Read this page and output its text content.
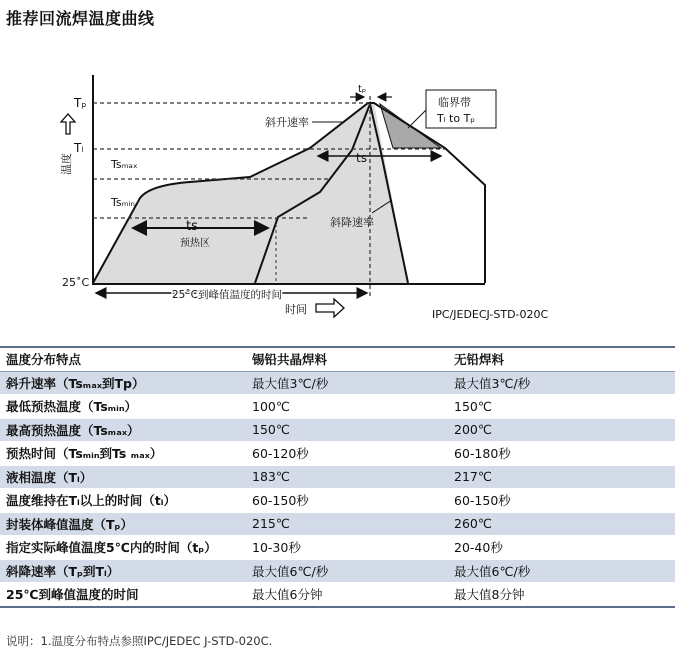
推荐回流焊温度曲线
Tₚ
Tₗ
Tsₘₐₓ
Tsₘᵢₙ
25˚C
温度
tₚ
临界带
Tₗ to Tₚ
斜升速率
斜降速率
ts
ts
预热区
25˚C到峰值温度的时间
时间	IPC/JEDECJ-STD-020C
温度分布特点	锡铅共晶焊料	无铅焊料
斜升速率（Tsₘₐₓ到Tp）	最大值3℃/秒	最大值3℃/秒
最低预热温度（Tsₘᵢₙ）	100℃	150℃
最高预热温度（Tsₘₐₓ）	150℃	200℃
预热时间（Tsₘᵢₙ到Ts ₘₐₓ）	60-120秒	60-180秒
液相温度（Tₗ）	183℃	217℃
温度维持在Tₗ以上的时间（tₗ）	60-150秒	60-150秒
封装体峰值温度（Tₚ）	215℃	260℃
指定实际峰值温度5℃内的时间（tₚ）	10-30秒	20-40秒
斜降速率（Tₚ到Tₗ）	最大值6℃/秒	最大值6℃/秒
25℃到峰值温度的时间	最大值6分钟	最大值8分钟
说明：1.温度分布特点参照IPC/JEDEC J-STD-020C.
